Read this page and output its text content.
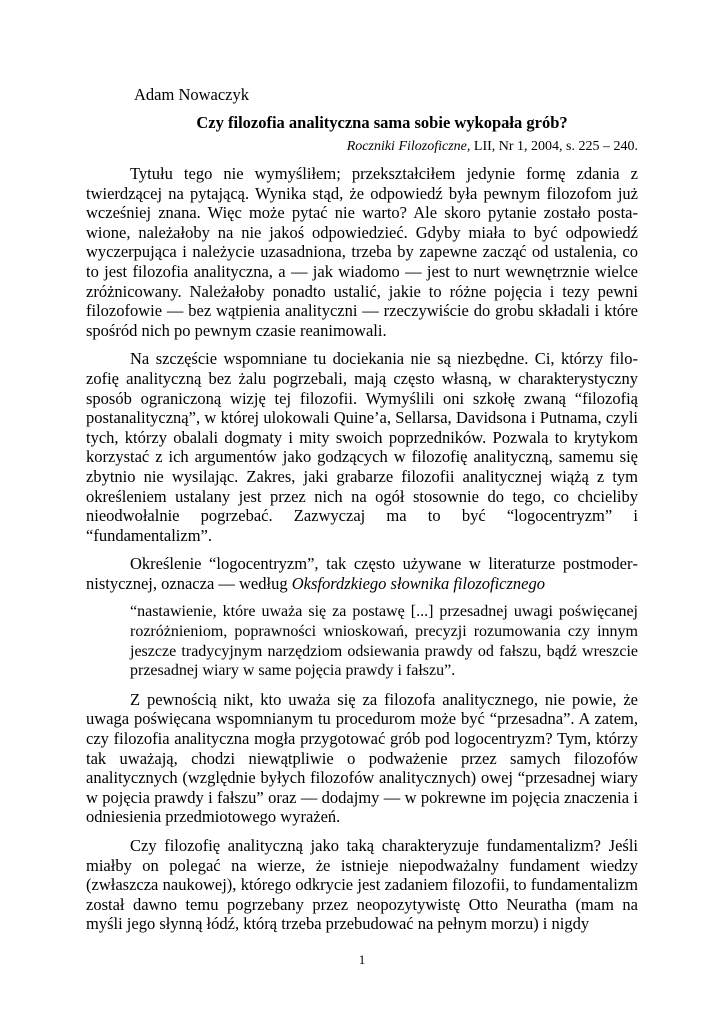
Adam Nowaczyk
Czy filozofia analityczna sama sobie wykopała grób?
Roczniki Filozoficzne, LII, Nr 1, 2004, s. 225 – 240.

Tytułu tego nie wymyśliłem; przekształciłem jedynie formę zdania z twierdzącej na pytającą. Wynika stąd, że odpowiedź była pewnym filozofom już wcześniej znana. Więc może pytać nie warto? Ale skoro pytanie zostało postawione, należałoby na nie jakoś odpowiedzieć. Gdyby miała to być odpowiedź wyczerpująca i należycie uzasadniona, trzeba by zapewne zacząć od ustalenia, co to jest filozofia analityczna, a — jak wiadomo — jest to nurt wewnętrznie wielce zróżnicowany. Należałoby ponadto ustalić, jakie to różne pojęcia i tezy pewni filozofowie — bez wątpienia analityczni — rzeczywiście do grobu składali i które spośród nich po pewnym czasie reanimowali.

Na szczęście wspomniane tu dociekania nie są niezbędne. Ci, którzy filozofię analityczną bez żalu pogrzebali, mają często własną, w charakterystyczny sposób ograniczoną wizję tej filozofii. Wymyślili oni szkołę zwaną “filozofią postanalityczną”, w której ulokowali Quine’a, Sellarsa, Davidsona i Putnama, czyli tych, którzy obalali dogmaty i mity swoich poprzedników. Pozwala to krytykom korzystać z ich argumentów jako godzących w filozofię analityczną, samemu się zbytnio nie wysilając. Zakres, jaki grabarze filozofii analitycznej wiążą z tym określeniem ustalany jest przez nich na ogół stosownie do tego, co chcieliby nieodwołalnie pogrzebać. Zazwyczaj ma to być “logocentryzm” i “fundamentalizm”.

Określenie “logocentryzm”, tak często używane w literaturze postmodernistycznej, oznacza — według Oksfordzkiego słownika filozoficznego

“nastawienie, które uważa się za postawę [...] przesadnej uwagi poświęcanej rozróżnieniom, poprawności wnioskowań, precyzji rozumowania czy innym jeszcze tradycyjnym narzędziom odsiewania prawdy od fałszu, bądź wreszcie przesadnej wiary w same pojęcia prawdy i fałszu”.

Z pewnością nikt, kto uważa się za filozofa analitycznego, nie powie, że uwaga poświęcana wspomnianym tu procedurom może być “przesadna”. A zatem, czy filozofia analityczna mogła przygotować grób pod logocentryzm? Tym, którzy tak uważają, chodzi niewątpliwie o podważenie przez samych filozofów analitycznych (względnie byłych filozofów analitycznych) owej “przesadnej wiary w pojęcia prawdy i fałszu” oraz — dodajmy — w pokrewne im pojęcia znaczenia i odniesienia przedmiotowego wyrażeń.

Czy filozofię analityczną jako taką charakteryzuje fundamentalizm? Jeśli miałby on polegać na wierze, że istnieje niepodważalny fundament wiedzy (zwłaszcza naukowej), którego odkrycie jest zadaniem filozofii, to fundamentalizm został dawno temu pogrzebany przez neopozytywistę Otto Neuratha (mam na myśli jego słynną łódź, którą trzeba przebudować na pełnym morzu) i nigdy

1
